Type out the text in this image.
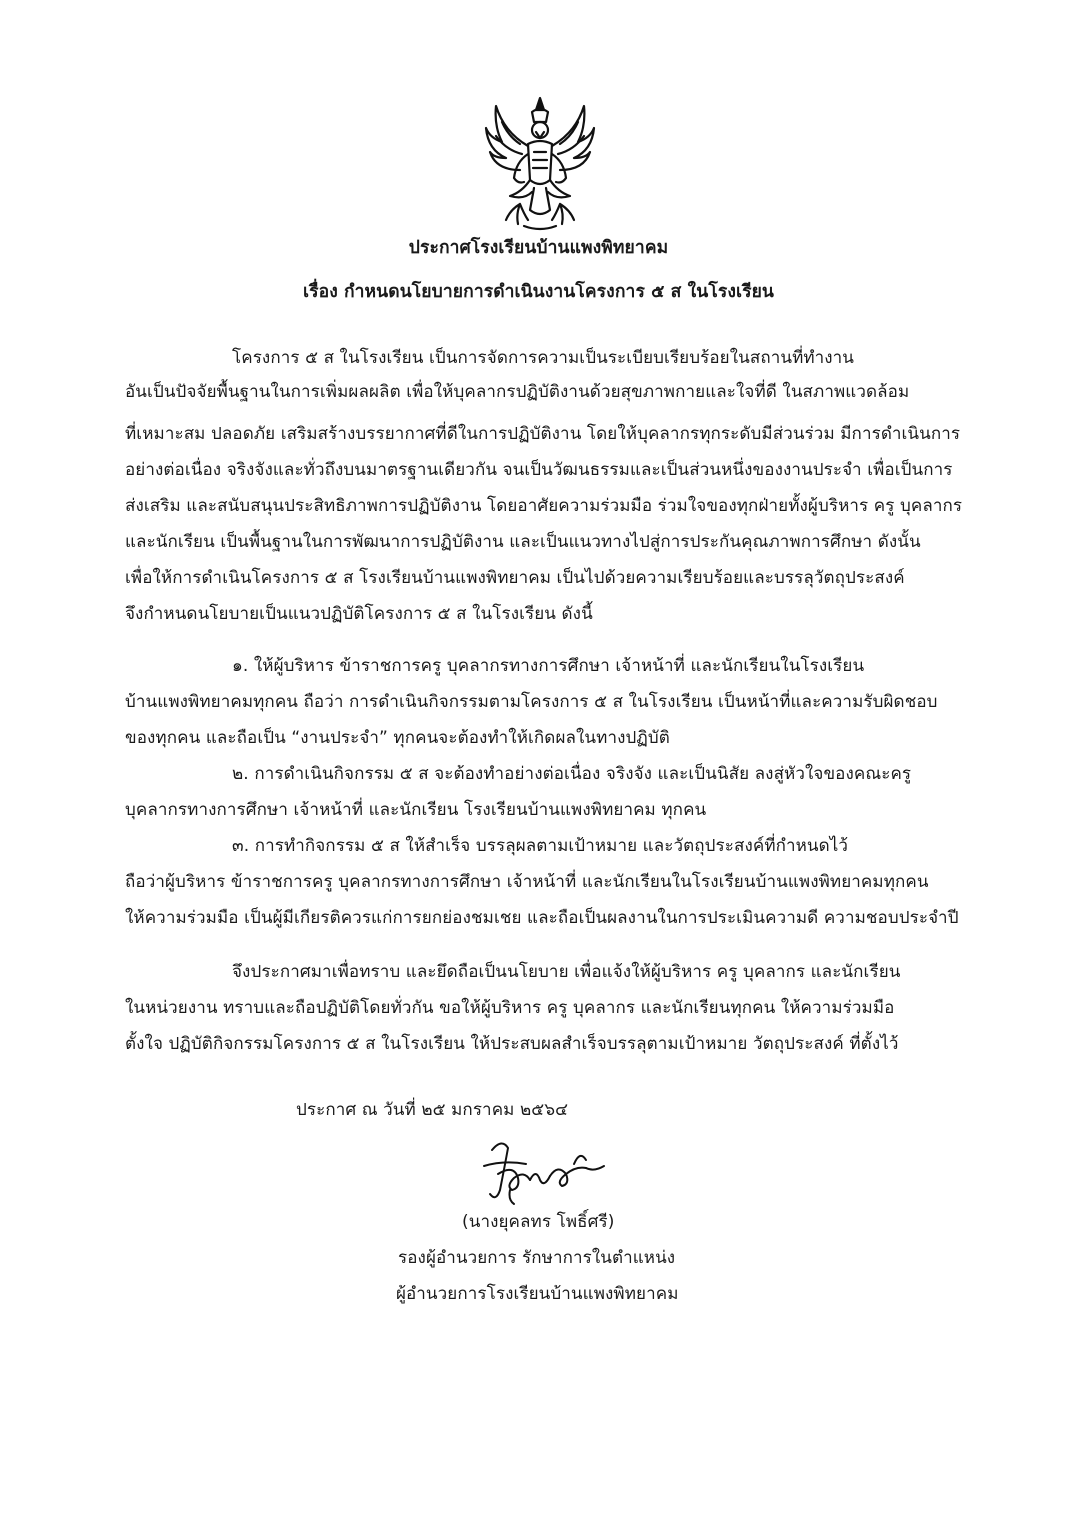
ประกาศโรงเรียนบ้านแพงพิทยาคม
เรื่อง กำหนดนโยบายการดำเนินงานโครงการ ๕ ส ในโรงเรียน
โครงการ ๕ ส ในโรงเรียน เป็นการจัดการความเป็นระเบียบเรียบร้อยในสถานที่ทำงาน
อันเป็นปัจจัยพื้นฐานในการเพิ่มผลผลิต เพื่อให้บุคลากรปฏิบัติงานด้วยสุขภาพกายและใจที่ดี ในสภาพแวดล้อม
ที่เหมาะสม ปลอดภัย เสริมสร้างบรรยากาศที่ดีในการปฏิบัติงาน โดยให้บุคลากรทุกระดับมีส่วนร่วม มีการดำเนินการ
อย่างต่อเนื่อง จริงจังและทั่วถึงบนมาตรฐานเดียวกัน จนเป็นวัฒนธรรมและเป็นส่วนหนึ่งของงานประจำ เพื่อเป็นการ
ส่งเสริม และสนับสนุนประสิทธิภาพการปฏิบัติงาน โดยอาศัยความร่วมมือ ร่วมใจของทุกฝ่ายทั้งผู้บริหาร ครู บุคลากร
และนักเรียน เป็นพื้นฐานในการพัฒนาการปฏิบัติงาน และเป็นแนวทางไปสู่การประกันคุณภาพการศึกษา ดังนั้น
เพื่อให้การดำเนินโครงการ ๕ ส โรงเรียนบ้านแพงพิทยาคม เป็นไปด้วยความเรียบร้อยและบรรลุวัตถุประสงค์
จึงกำหนดนโยบายเป็นแนวปฏิบัติโครงการ ๕ ส ในโรงเรียน ดังนี้
๑. ให้ผู้บริหาร ข้าราชการครู บุคลากรทางการศึกษา เจ้าหน้าที่ และนักเรียนในโรงเรียน
บ้านแพงพิทยาคมทุกคน ถือว่า การดำเนินกิจกรรมตามโครงการ ๕ ส ในโรงเรียน เป็นหน้าที่และความรับผิดชอบ
ของทุกคน และถือเป็น “งานประจำ” ทุกคนจะต้องทำให้เกิดผลในทางปฏิบัติ
๒. การดำเนินกิจกรรม ๕ ส จะต้องทำอย่างต่อเนื่อง จริงจัง และเป็นนิสัย ลงสู่หัวใจของคณะครู
บุคลากรทางการศึกษา เจ้าหน้าที่ และนักเรียน โรงเรียนบ้านแพงพิทยาคม ทุกคน
๓. การทำกิจกรรม ๕ ส ให้สำเร็จ บรรลุผลตามเป้าหมาย และวัตถุประสงค์ที่กำหนดไว้
ถือว่าผู้บริหาร ข้าราชการครู บุคลากรทางการศึกษา เจ้าหน้าที่ และนักเรียนในโรงเรียนบ้านแพงพิทยาคมทุกคน
ให้ความร่วมมือ เป็นผู้มีเกียรติควรแก่การยกย่องชมเชย และถือเป็นผลงานในการประเมินความดี ความชอบประจำปี
จึงประกาศมาเพื่อทราบ และยึดถือเป็นนโยบาย เพื่อแจ้งให้ผู้บริหาร ครู บุคลากร และนักเรียน
ในหน่วยงาน ทราบและถือปฏิบัติโดยทั่วกัน ขอให้ผู้บริหาร ครู บุคลากร และนักเรียนทุกคน ให้ความร่วมมือ
ตั้งใจ ปฏิบัติกิจกรรมโครงการ ๕ ส ในโรงเรียน ให้ประสบผลสำเร็จบรรลุตามเป้าหมาย วัตถุประสงค์ ที่ตั้งไว้
ประกาศ ณ วันที่ ๒๕ มกราคม ๒๕๖๔
(นางยุคลทร โพธิ์ศรี)
รองผู้อำนวยการ รักษาการในตำแหน่ง
ผู้อำนวยการโรงเรียนบ้านแพงพิทยาคม
